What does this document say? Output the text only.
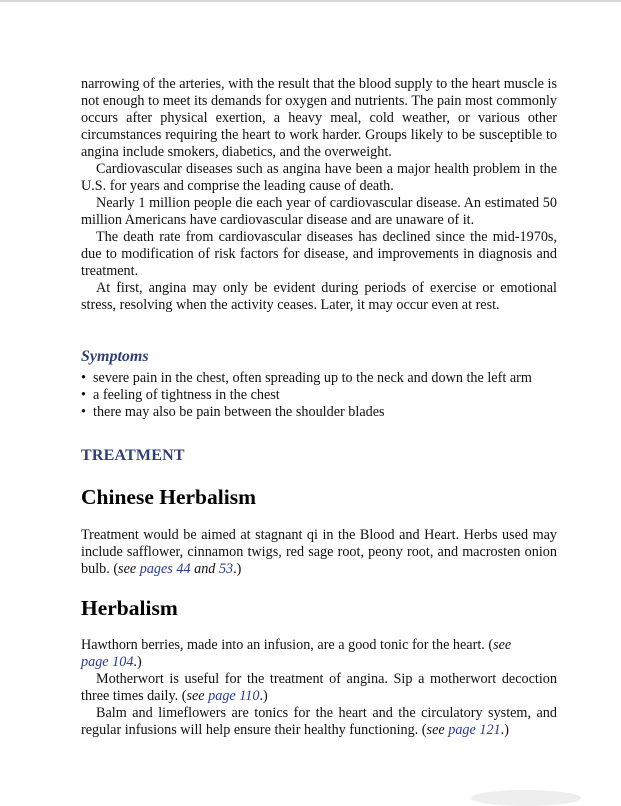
narrowing of the arteries, with the result that the blood supply to the heart muscle is not enough to meet its demands for oxygen and nutrients. The pain most commonly occurs after physical exertion, a heavy meal, cold weather, or various other circumstances requiring the heart to work harder. Groups likely to be susceptible to angina include smokers, diabetics, and the overweight.

Cardiovascular diseases such as angina have been a major health problem in the U.S. for years and comprise the leading cause of death.

Nearly 1 million people die each year of cardiovascular disease. An estimated 50 million Americans have cardiovascular disease and are unaware of it.

The death rate from cardiovascular diseases has declined since the mid-1970s, due to modification of risk factors for disease, and improvements in diagnosis and treatment.

At first, angina may only be evident during periods of exercise or emotional stress, resolving when the activity ceases. Later, it may occur even at rest.

Symptoms
• severe pain in the chest, often spreading up to the neck and down the left arm
• a feeling of tightness in the chest
• there may also be pain between the shoulder blades
TREATMENT
Chinese Herbalism

Treatment would be aimed at stagnant qi in the Blood and Heart. Herbs used may include safflower, cinnamon twigs, red sage root, peony root, and macrosten onion bulb. (see pages 44 and 53.)

Herbalism

Hawthorn berries, made into an infusion, are a good tonic for the heart. (see
page 104.)

Motherwort is useful for the treatment of angina. Sip a motherwort decoction three times daily. (see page 110.)

Balm and limeflowers are tonics for the heart and the circulatory system, and regular infusions will help ensure their healthy functioning. (see page 121.)
